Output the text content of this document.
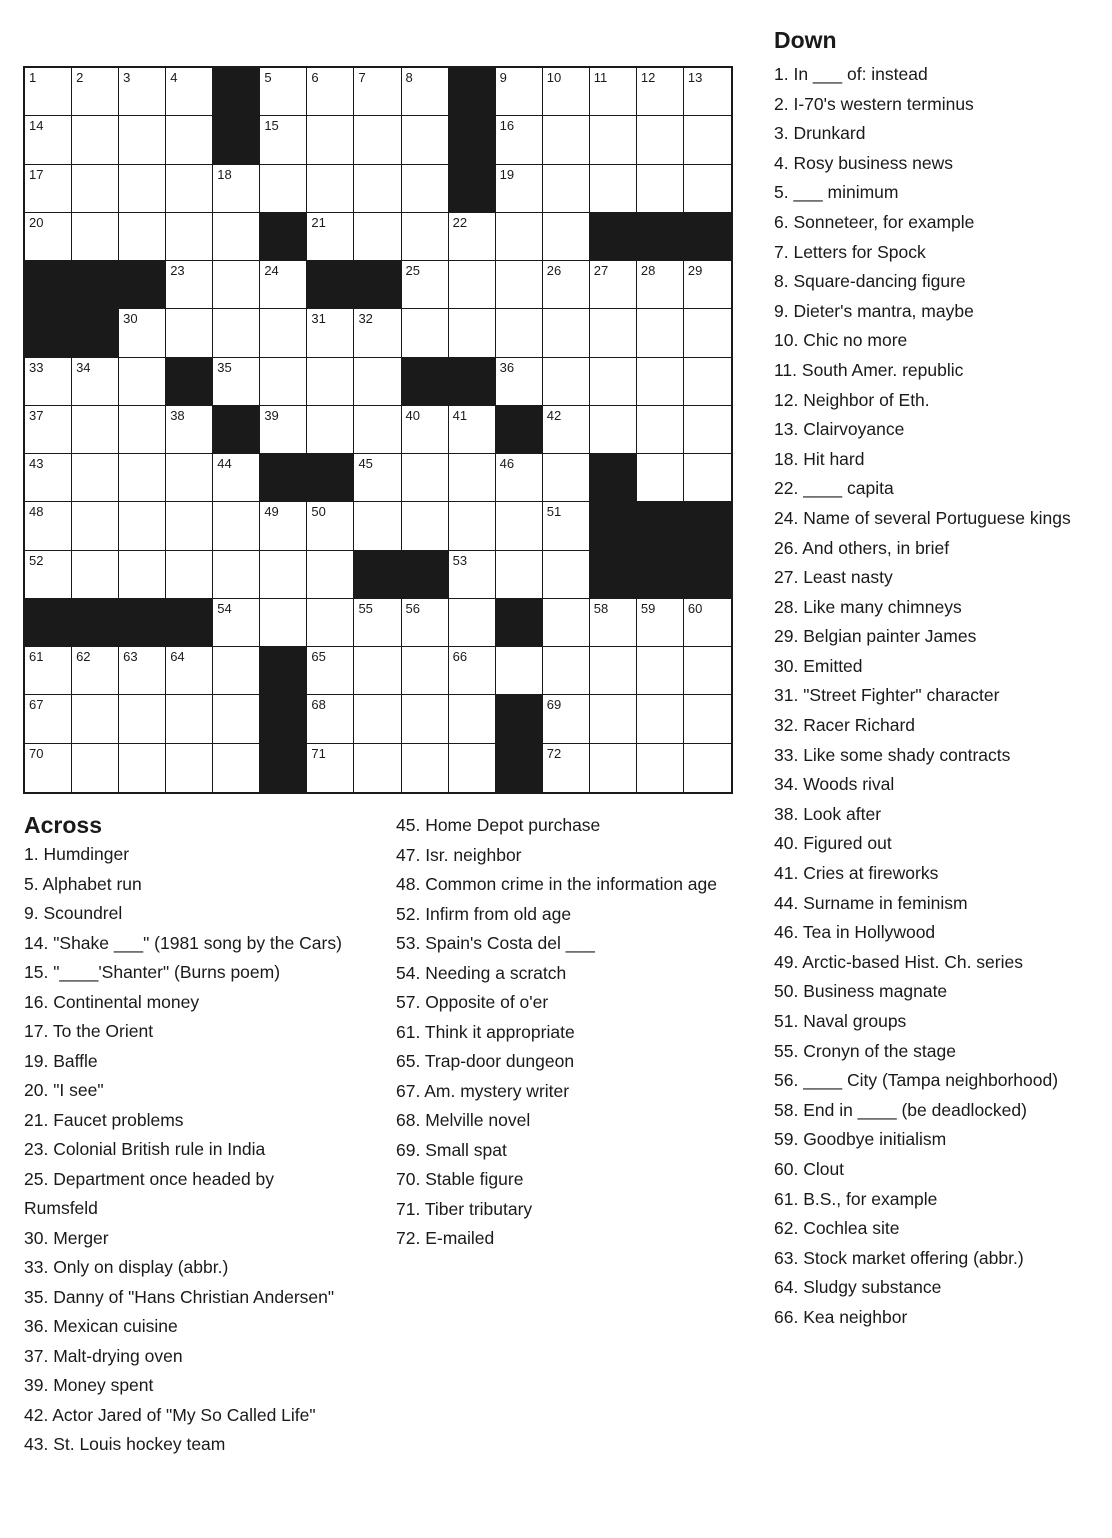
1	2	3	4	5	6	7	8	9	10	11	12	13
14	15	16
17	18	19
20	21	22
23	24	25	26	27	28	29
30	31	32
33	34	35	36
37	38	39	40	41	42
43	44	45	46
48	49	50	51
52	53
54	55	56	58	59	60
61	62	63	64	65	66
67	68	69
70	71	72
Down
1. In ___ of: instead
2. I-70's western terminus
3. Drunkard
4. Rosy business news
5. ___ minimum
6. Sonneteer, for example
7. Letters for Spock
8. Square-dancing figure
9. Dieter's mantra, maybe
10. Chic no more
11. South Amer. republic
12. Neighbor of Eth.
13. Clairvoyance
18. Hit hard
22. ____ capita
24. Name of several Portuguese kings
26. And others, in brief
27. Least nasty
28. Like many chimneys
29. Belgian painter James
30. Emitted
31. "Street Fighter" character
32. Racer Richard
33. Like some shady contracts
34. Woods rival
38. Look after
40. Figured out
41. Cries at fireworks
44. Surname in feminism
46. Tea in Hollywood
49. Arctic-based Hist. Ch. series
50. Business magnate
51. Naval groups
55. Cronyn of the stage
56. ____ City (Tampa neighborhood)
58. End in ____ (be deadlocked)
59. Goodbye initialism
60. Clout
61. B.S., for example
62. Cochlea site
63. Stock market offering (abbr.)
64. Sludgy substance
66. Kea neighbor
Across
1. Humdinger
5. Alphabet run
9. Scoundrel
14. "Shake ___" (1981 song by the Cars)
15. "____'Shanter" (Burns poem)
16. Continental money
17. To the Orient
19. Baffle
20. "I see"
21. Faucet problems
23. Colonial British rule in India
25. Department once headed by
Rumsfeld
30. Merger
33. Only on display (abbr.)
35. Danny of "Hans Christian Andersen"
36. Mexican cuisine
37. Malt-drying oven
39. Money spent
42. Actor Jared of "My So Called Life"
43. St. Louis hockey team
45. Home Depot purchase
47. Isr. neighbor
48. Common crime in the information age
52. Infirm from old age
53. Spain's Costa del ___
54. Needing a scratch
57. Opposite of o'er
61. Think it appropriate
65. Trap-door dungeon
67. Am. mystery writer
68. Melville novel
69. Small spat
70. Stable figure
71. Tiber tributary
72. E-mailed
